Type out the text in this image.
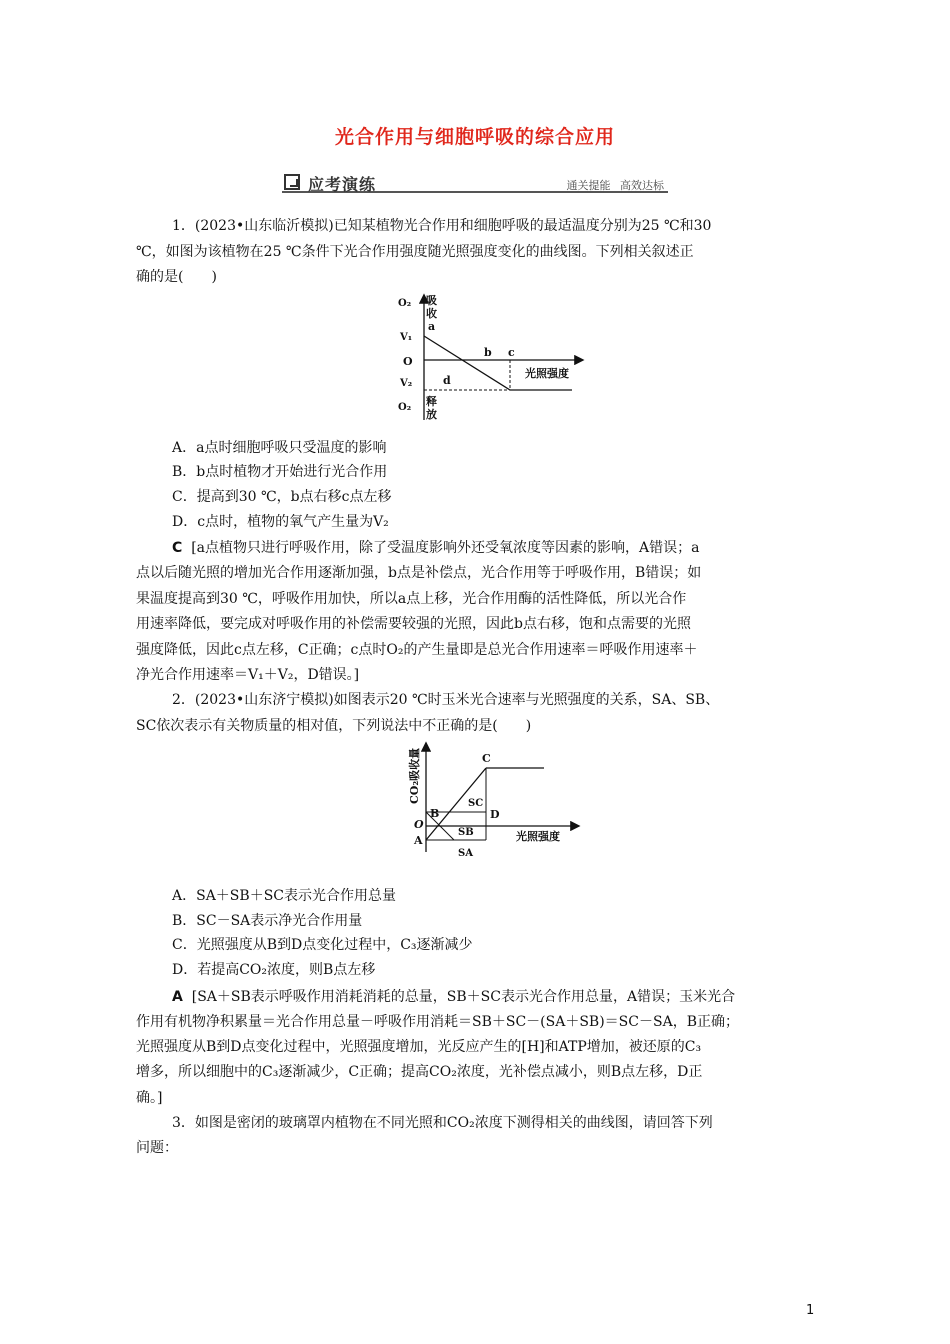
光合作用与细胞呼吸的综合应用
应考演练	通关提能 高效达标

1．(2023•山东临沂模拟)已知某植物光合作用和细胞呼吸的最适温度分别为25 ℃和30

℃，如图为该植物在25 ℃条件下光合作用强度随光照强度变化的曲线图。下列相关叙述正

确的是(　　)

O₂ 吸
收
V₁
a
O
b c
光照强度
V₂	d
O₂ 释
放

A．a点时细胞呼吸只受温度的影响

B．b点时植物才开始进行光合作用

C．提高到30 ℃，b点右移c点左移

D．c点时，植物的氧气产生量为V₂

C [a点植物只进行呼吸作用，除了受温度影响外还受氧浓度等因素的影响，A错误；a

点以后随光照的增加光合作用逐渐加强，b点是补偿点，光合作用等于呼吸作用，B错误；如

果温度提高到30 ℃，呼吸作用加快，所以a点上移，光合作用酶的活性降低，所以光合作

用速率降低，要完成对呼吸作用的补偿需要较强的光照，因此b点右移，饱和点需要的光照

强度降低，因此c点左移，C正确；c点时O₂的产生量即是总光合作用速率＝呼吸作用速率＋

净光合作用速率＝V₁＋V₂，D错误。]

2．(2023•山东济宁模拟)如图表示20 ℃时玉米光合速率与光照强度的关系，SA、SB、

SC依次表示有关物质量的相对值，下列说法中不正确的是(　　)

CO₂吸收量	C
SC
B	D
O
SB
A
SA
光照强度

A．SA＋SB＋SC表示光合作用总量

B．SC－SA表示净光合作用量

C．光照强度从B到D点变化过程中，C₃逐渐减少

D．若提高CO₂浓度，则B点左移

A [SA＋SB表示呼吸作用消耗消耗的总量，SB＋SC表示光合作用总量，A错误；玉米光合

作用有机物净积累量＝光合作用总量－呼吸作用消耗＝SB＋SC－(SA＋SB)＝SC－SA，B正确；

光照强度从B到D点变化过程中，光照强度增加，光反应产生的[H]和ATP增加，被还原的C₃

增多，所以细胞中的C₃逐渐减少，C正确；提高CO₂浓度，光补偿点减小，则B点左移，D正

确。]

3．如图是密闭的玻璃罩内植物在不同光照和CO₂浓度下测得相关的曲线图，请回答下列

问题：

1
